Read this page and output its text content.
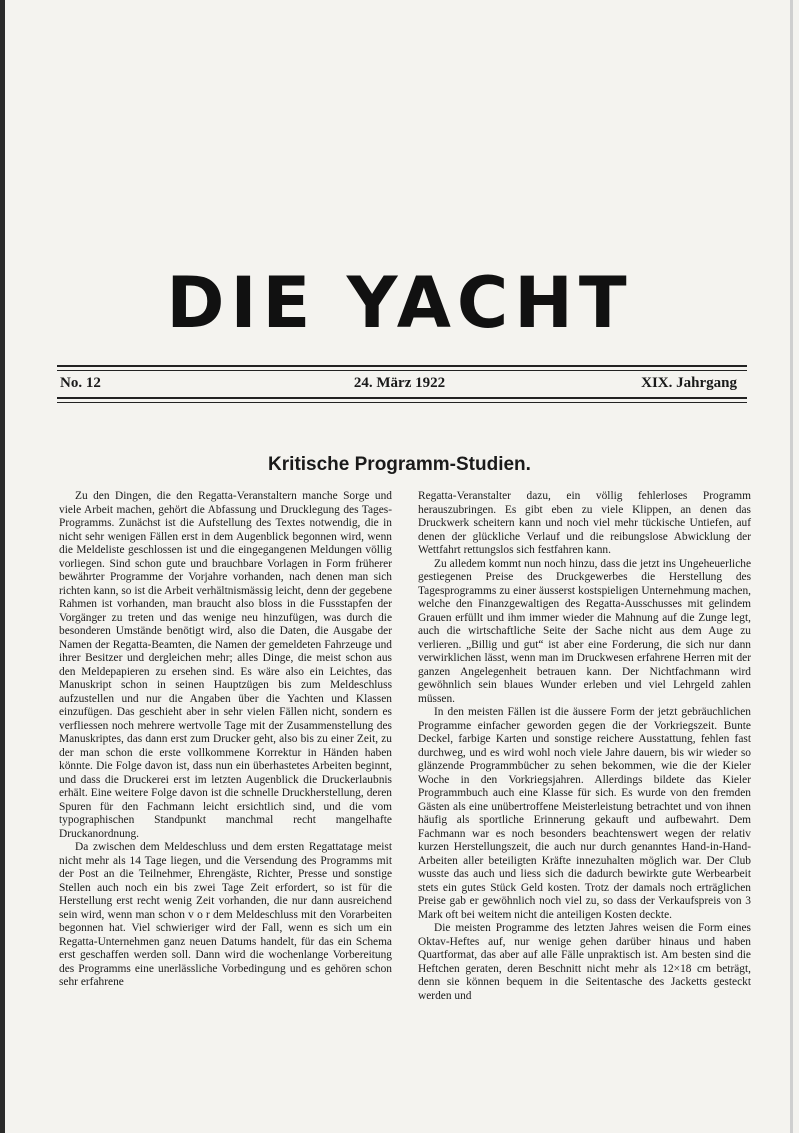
DIE YACHT
No. 12	24. März 1922	XIX. Jahrgang
Kritische Programm-Studien.

Zu den Dingen, die den Regatta-Veranstaltern manche Sorge und viele Arbeit machen, gehört die Abfassung und Drucklegung des Tages-Programms. Zunächst ist die Aufstellung des Textes notwendig, die in nicht sehr wenigen Fällen erst in dem Augenblick begonnen wird, wenn die Meldeliste geschlossen ist und die eingegangenen Meldungen völlig vorliegen. Sind schon gute und brauchbare Vorlagen in Form früherer bewährter Programme der Vorjahre vorhanden, nach denen man sich richten kann, so ist die Arbeit verhältnismässig leicht, denn der gegebene Rahmen ist vorhanden, man braucht also bloss in die Fussstapfen der Vorgänger zu treten und das wenige neu hinzufügen, was durch die besonderen Umstände benötigt wird, also die Daten, die Ausgabe der Namen der Regatta-Beamten, die Namen der gemeldeten Fahrzeuge und ihrer Besitzer und dergleichen mehr; alles Dinge, die meist schon aus den Meldepapieren zu ersehen sind. Es wäre also ein Leichtes, das Manuskript schon in seinen Hauptzügen bis zum Meldeschluss aufzustellen und nur die Angaben über die Yachten und Klassen einzufügen. Das geschieht aber in sehr vielen Fällen nicht, sondern es verfliessen noch mehrere wertvolle Tage mit der Zusammenstellung des Manuskriptes, das dann erst zum Drucker geht, also bis zu einer Zeit, zu der man schon die erste vollkommene Korrektur in Händen haben könnte. Die Folge davon ist, dass nun ein überhastetes Arbeiten beginnt, und dass die Druckerei erst im letzten Augenblick die Druckerlaubnis erhält. Eine weitere Folge davon ist die schnelle Druckherstellung, deren Spuren für den Fachmann leicht ersichtlich sind, und die vom typographischen Standpunkt manchmal recht mangelhafte Druckanordnung.

Da zwischen dem Meldeschluss und dem ersten Regattatage meist nicht mehr als 14 Tage liegen, und die Versendung des Programms mit der Post an die Teilnehmer, Ehrengäste, Richter, Presse und sonstige Stellen auch noch ein bis zwei Tage Zeit erfordert, so ist für die Herstellung erst recht wenig Zeit vorhanden, die nur dann ausreichend sein wird, wenn man schon v o r dem Meldeschluss mit den Vorarbeiten begonnen hat. Viel schwieriger wird der Fall, wenn es sich um ein Regatta-Unternehmen ganz neuen Datums handelt, für das ein Schema erst geschaffen werden soll. Dann wird die wochenlange Vorbereitung des Programms eine unerlässliche Vorbedingung und es gehören schon sehr erfahrene

Regatta-Veranstalter dazu, ein völlig fehlerloses Programm herauszubringen. Es gibt eben zu viele Klippen, an denen das Druckwerk scheitern kann und noch viel mehr tückische Untiefen, auf denen der glückliche Verlauf und die reibungslose Abwicklung der Wettfahrt rettungslos sich festfahren kann.

Zu alledem kommt nun noch hinzu, dass die jetzt ins Ungeheuerliche gestiegenen Preise des Druckgewerbes die Herstellung des Tagesprogramms zu einer äusserst kostspieligen Unternehmung machen, welche den Finanzgewaltigen des Regatta-Ausschusses mit gelindem Grauen erfüllt und ihm immer wieder die Mahnung auf die Zunge legt, auch die wirtschaftliche Seite der Sache nicht aus dem Auge zu verlieren. „Billig und gut“ ist aber eine Forderung, die sich nur dann verwirklichen lässt, wenn man im Druckwesen erfahrene Herren mit der ganzen Angelegenheit betrauen kann. Der Nichtfachmann wird gewöhnlich sein blaues Wunder erleben und viel Lehrgeld zahlen müssen.

In den meisten Fällen ist die äussere Form der jetzt gebräuchlichen Programme einfacher geworden gegen die der Vorkriegszeit. Bunte Deckel, farbige Karten und sonstige reichere Ausstattung, fehlen fast durchweg, und es wird wohl noch viele Jahre dauern, bis wir wieder so glänzende Programmbücher zu sehen bekommen, wie die der Kieler Woche in den Vorkriegsjahren. Allerdings bildete das Kieler Programmbuch auch eine Klasse für sich. Es wurde von den fremden Gästen als eine unübertroffene Meisterleistung betrachtet und von ihnen häufig als sportliche Erinnerung gekauft und aufbewahrt. Dem Fachmann war es noch besonders beachtenswert wegen der relativ kurzen Herstellungszeit, die auch nur durch genanntes Hand-in-Hand-Arbeiten aller beteiligten Kräfte innezuhalten möglich war. Der Club wusste das auch und liess sich die dadurch bewirkte gute Werbearbeit stets ein gutes Stück Geld kosten. Trotz der damals noch erträglichen Preise gab er gewöhnlich noch viel zu, so dass der Verkaufspreis von 3 Mark oft bei weitem nicht die anteiligen Kosten deckte.

Die meisten Programme des letzten Jahres weisen die Form eines Oktav-Heftes auf, nur wenige gehen darüber hinaus und haben Quartformat, das aber auf alle Fälle unpraktisch ist. Am besten sind die Heftchen geraten, deren Beschnitt nicht mehr als 12×18 cm beträgt, denn sie können bequem in die Seitentasche des Jacketts gesteckt werden und
